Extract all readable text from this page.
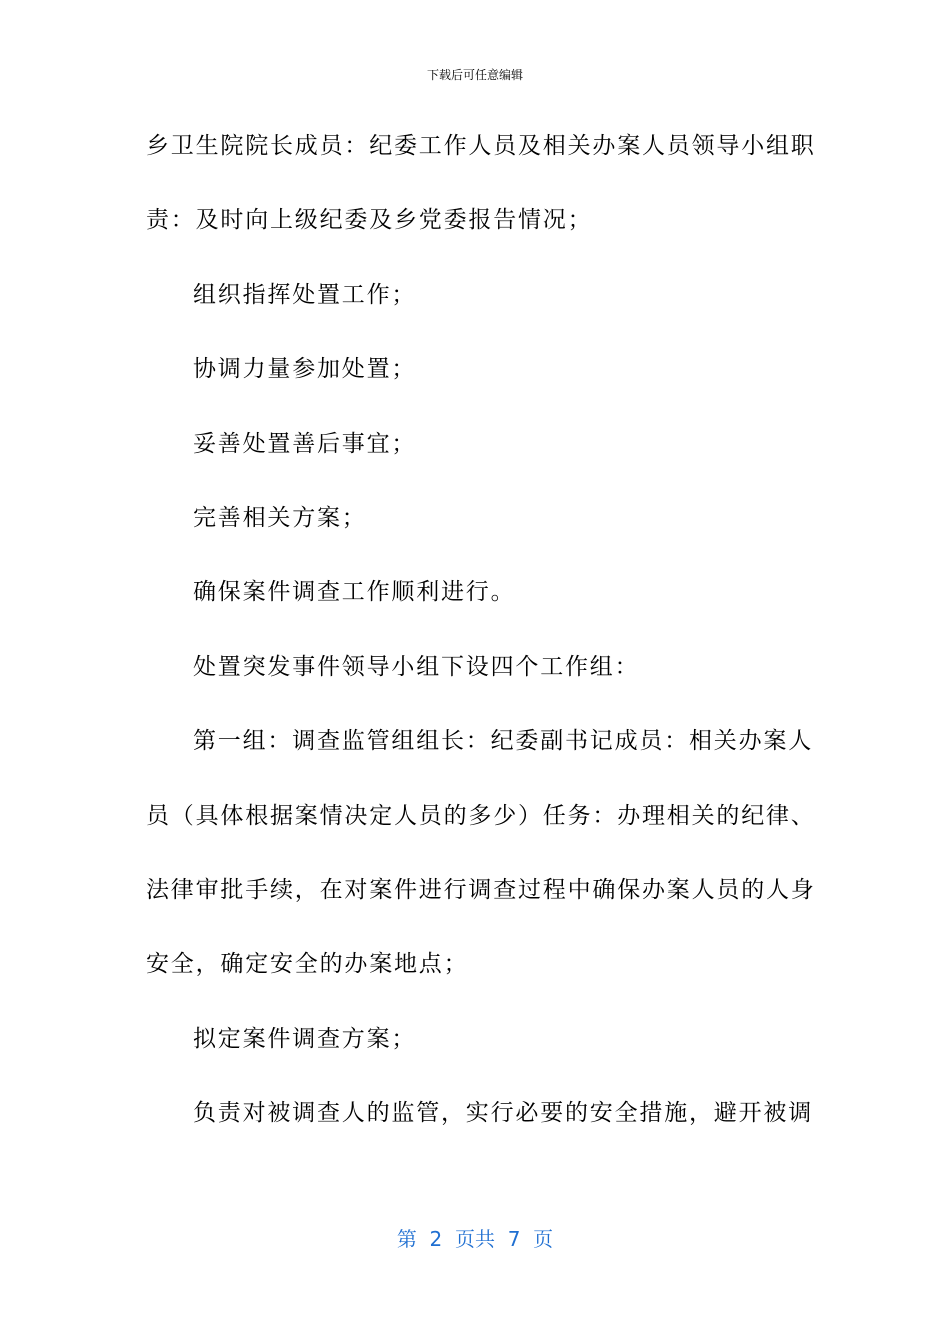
下载后可任意编辑
乡卫生院院长成员：纪委工作人员及相关办案人员领导小组职
责：及时向上级纪委及乡党委报告情况；
组织指挥处置工作；
协调力量参加处置；
妥善处置善后事宜；
完善相关方案；
确保案件调查工作顺利进行。
处置突发事件领导小组下设四个工作组：
第一组：调查监管组组长：纪委副书记成员：相关办案人
员（具体根据案情决定人员的多少）任务：办理相关的纪律、
法律审批手续，在对案件进行调查过程中确保办案人员的人身
安全，确定安全的办案地点；
拟定案件调查方案；
负责对被调查人的监管，实行必要的安全措施，避开被调
第  2  页共  7  页
